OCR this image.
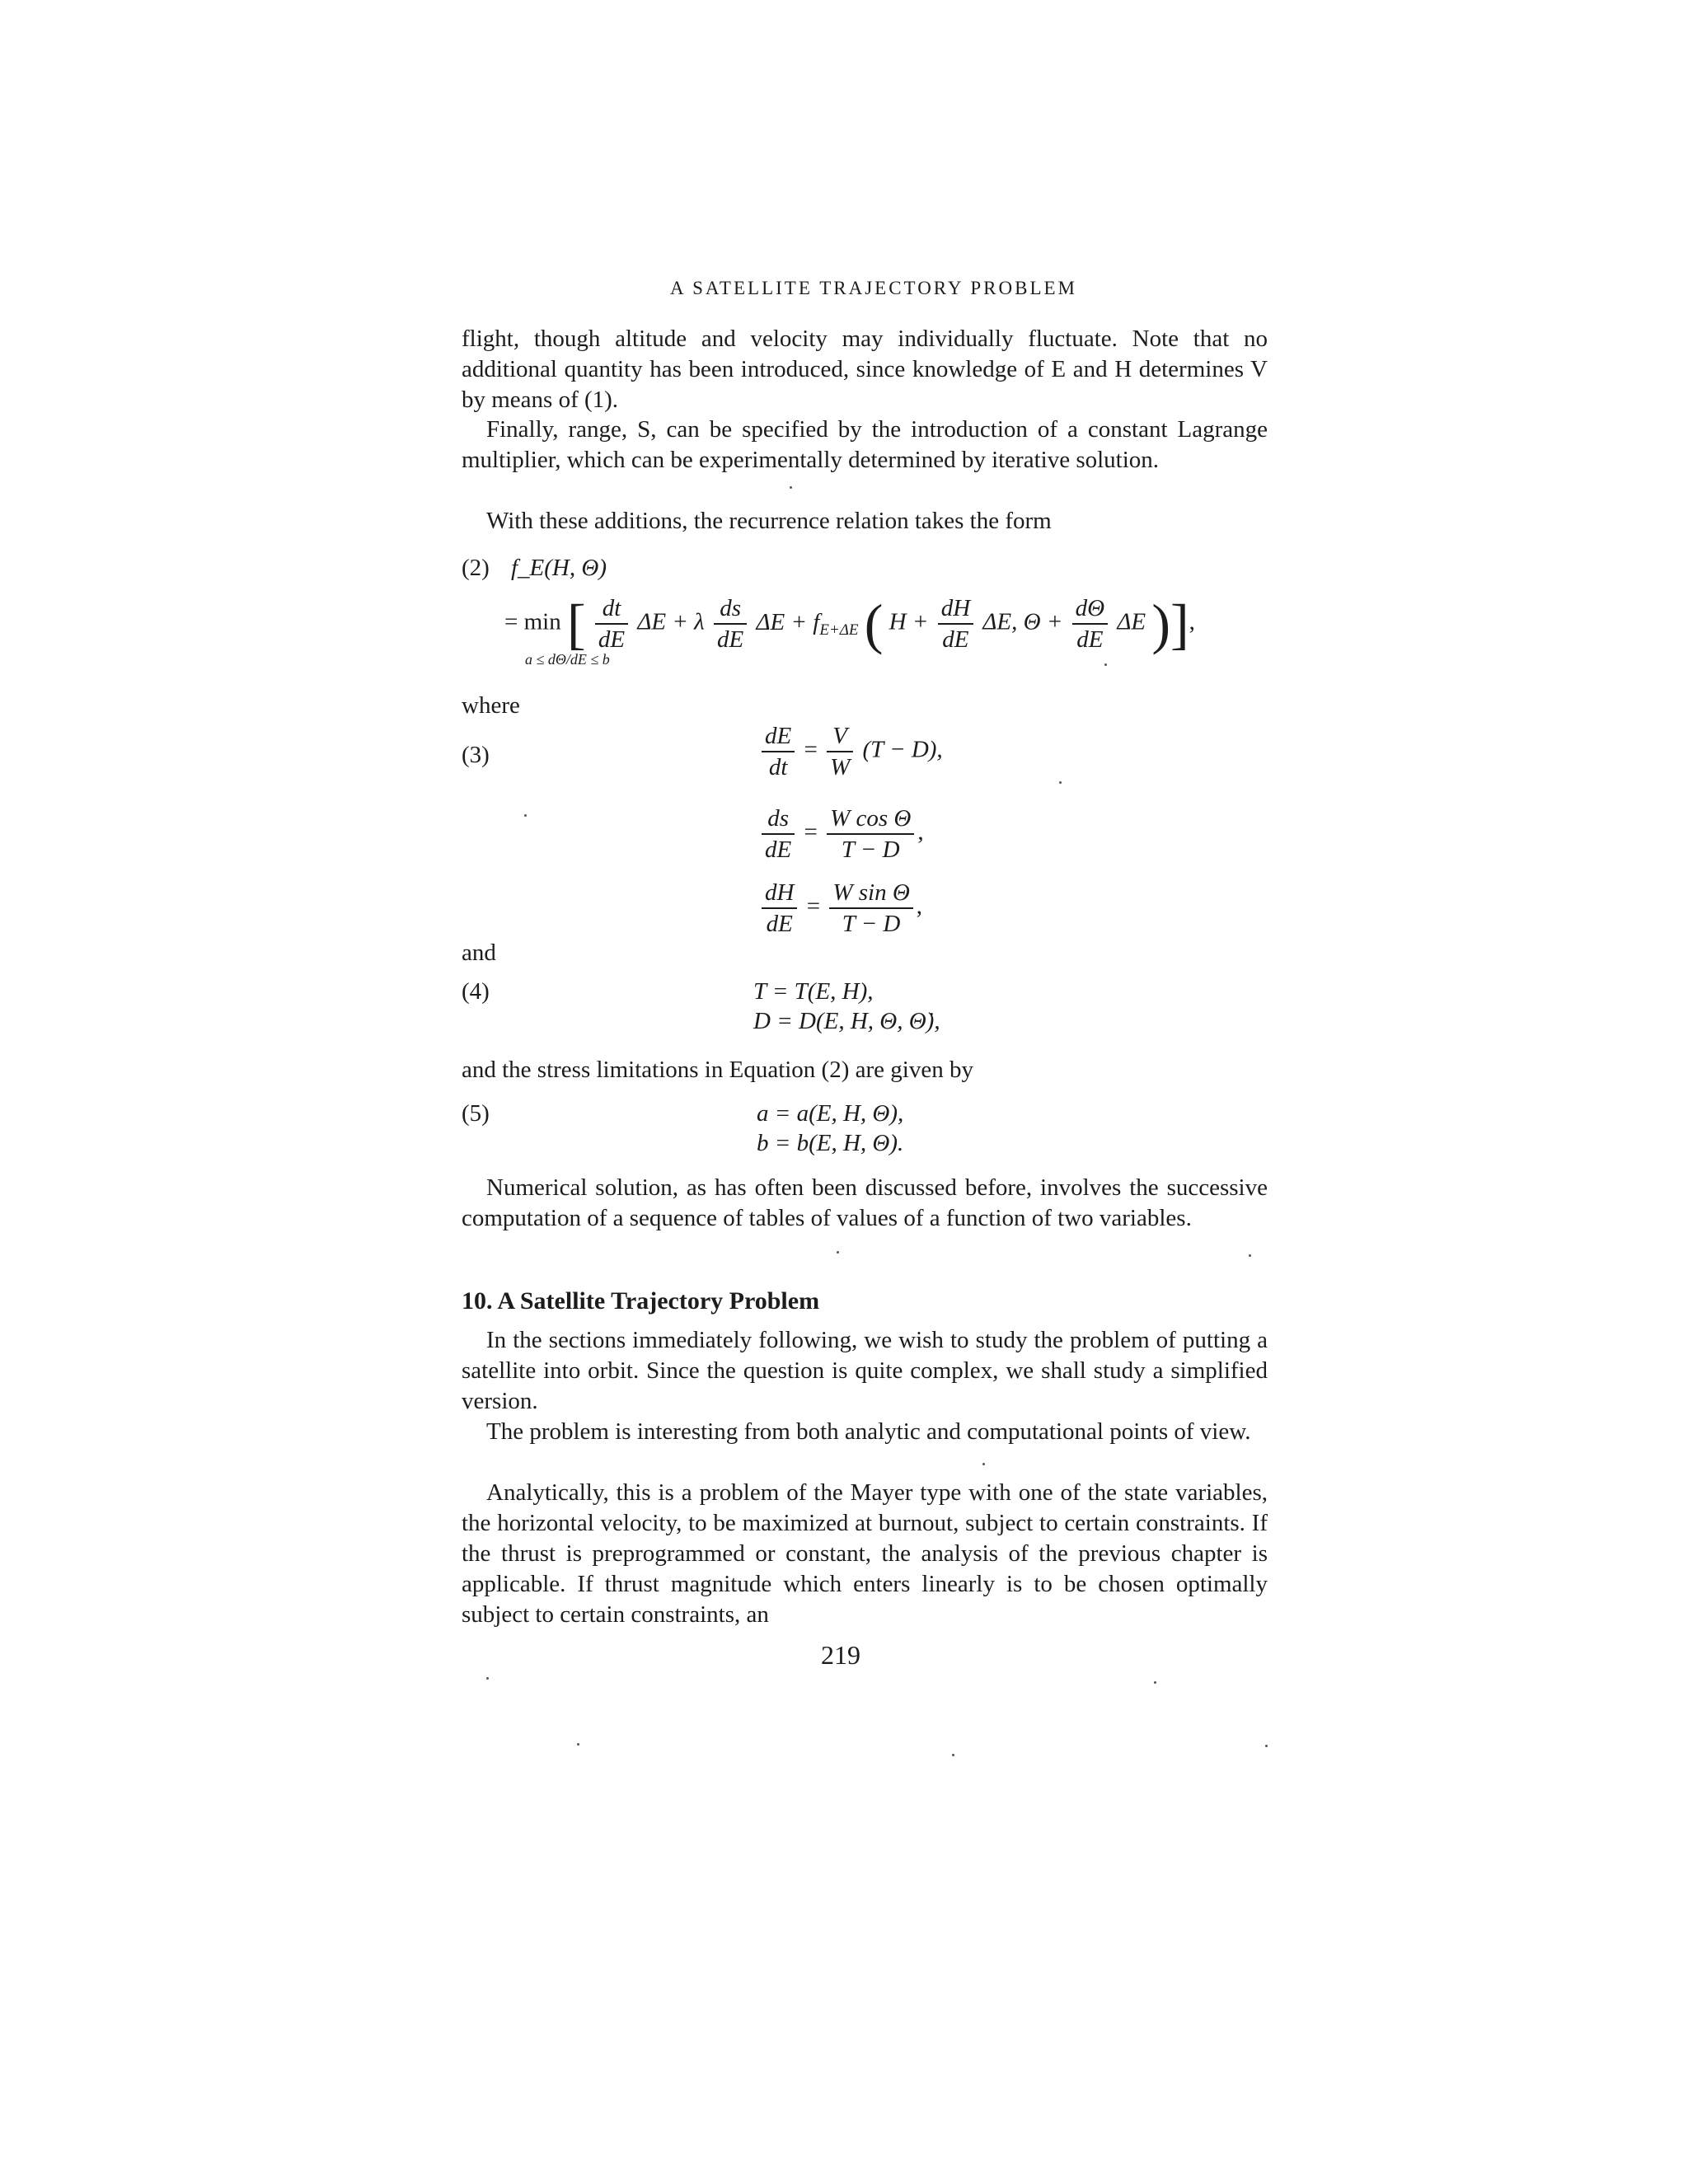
A SATELLITE TRAJECTORY PROBLEM

flight, though altitude and velocity may individually fluctuate. Note that no additional quantity has been introduced, since knowledge of E and H determines V by means of (1).

Finally, range, S, can be specified by the introduction of a constant Lagrange multiplier, which can be experimentally determined by iterative solution.

With these additions, the recurrence relation takes the form

(2) f_E(H, Θ)
= min [ $\frac{dt}{dE}$ ΔE + λ $\frac{ds}{dE}$ $\Delta E + f_{E+\Delta E}$ ( $H + \frac{dH}{dE} \Delta E$, $\Theta + \frac{d\Theta}{dE}$ ΔE )],
a ≤ dΘ/dE ≤ b
where
(3)	$\frac{dE}{dt} = \frac{V}{W} (T - D)$,
$\frac{ds}{dE} = \frac{\text{W cos Θ}}{T - D}$ ,
$\frac{dH}{dE} = \frac{\text{W sin Θ}}{T - D}$ ,
and
(4)	T = T(E, H),
D = D(E, H, Θ, Θ̇),

and the stress limitations in Equation (2) are given by

(5)	a = a(E, H, Θ),
b = b(E, H, Θ).

Numerical solution, as has often been discussed before, involves the successive computation of a sequence of tables of values of a function of two variables.

10. A Satellite Trajectory Problem

In the sections immediately following, we wish to study the problem of putting a satellite into orbit. Since the question is quite complex, we shall study a simplified version.

The problem is interesting from both analytic and computational points of view.

Analytically, this is a problem of the Mayer type with one of the state variables, the horizontal velocity, to be maximized at burnout, subject to certain constraints. If the thrust is preprogrammed or constant, the analysis of the previous chapter is applicable. If thrust magnitude which enters linearly is to be chosen optimally subject to certain constraints, an

219
